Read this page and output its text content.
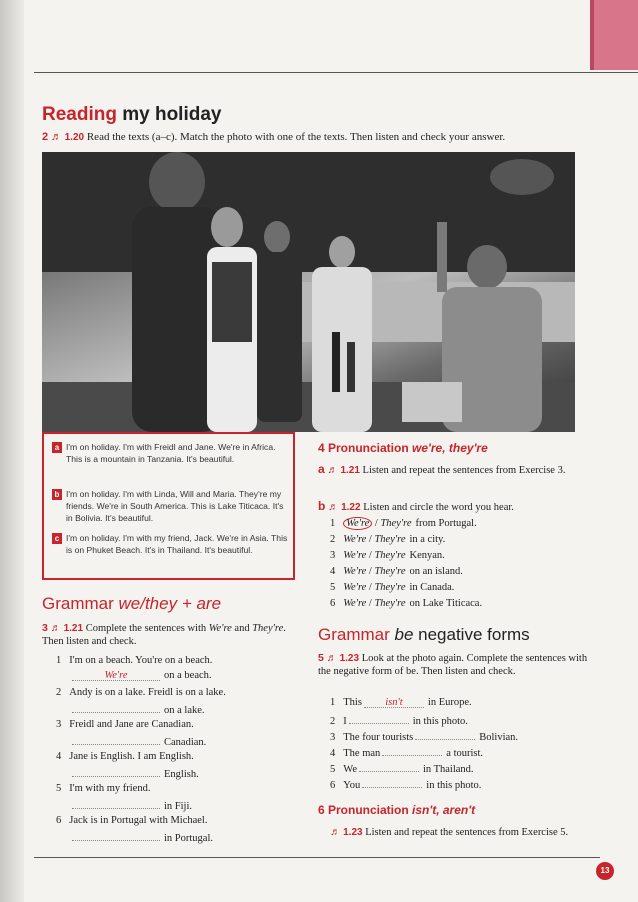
Reading my holiday
2 ♬ 1.20 Read the texts (a–c). Match the photo with one of the texts. Then listen and check your answer.
a I'm on holiday. I'm with Freidl and Jane. We're in Africa. This is a mountain in Tanzania. It's beautiful.
b I'm on holiday. I'm with Linda, Will and Maria. They're my friends. We're in South America. This is Lake Titicaca. It's in Bolivia. It's beautiful.
c I'm on holiday. I'm with my friend, Jack. We're in Asia. This is on Phuket Beach. It's in Thailand. It's beautiful.
Grammar we/they + are
3 ♬ 1.21 Complete the sentences with We're and They're. Then listen and check.
1 I'm on a beach. You're on a beach.
We're	on a beach.
2 Andy is on a lake. Freidl is on a lake.
on a lake.
3 Freidl and Jane are Canadian.
Canadian.
4 Jane is English. I am English.
English.
5 I'm with my friend.
in Fiji.
6 Jack is in Portugal with Michael.
in Portugal.
4 Pronunciation we're, they're
a ♬ 1.21 Listen and repeat the sentences from Exercise 3.
b ♬ 1.22 Listen and circle the word you hear.
1 We're / They're from Portugal.
2 We're / They're in a city.
3 We're / They're Kenyan.
4 We're / They're on an island.
5 We're / They're in Canada.
6 We're / They're on Lake Titicaca.
Grammar be negative forms
5 ♬ 1.23 Look at the photo again. Complete the sentences with the negative form of be. Then listen and check.
1 This isn't in Europe.
2 I	in this photo.
3 The four tourists	Bolivian.
4 The man	a tourist.
5 We	in Thailand.
6 You	in this photo.
6 Pronunciation isn't, aren't
♬ 1.23 Listen and repeat the sentences from Exercise 5.
13
